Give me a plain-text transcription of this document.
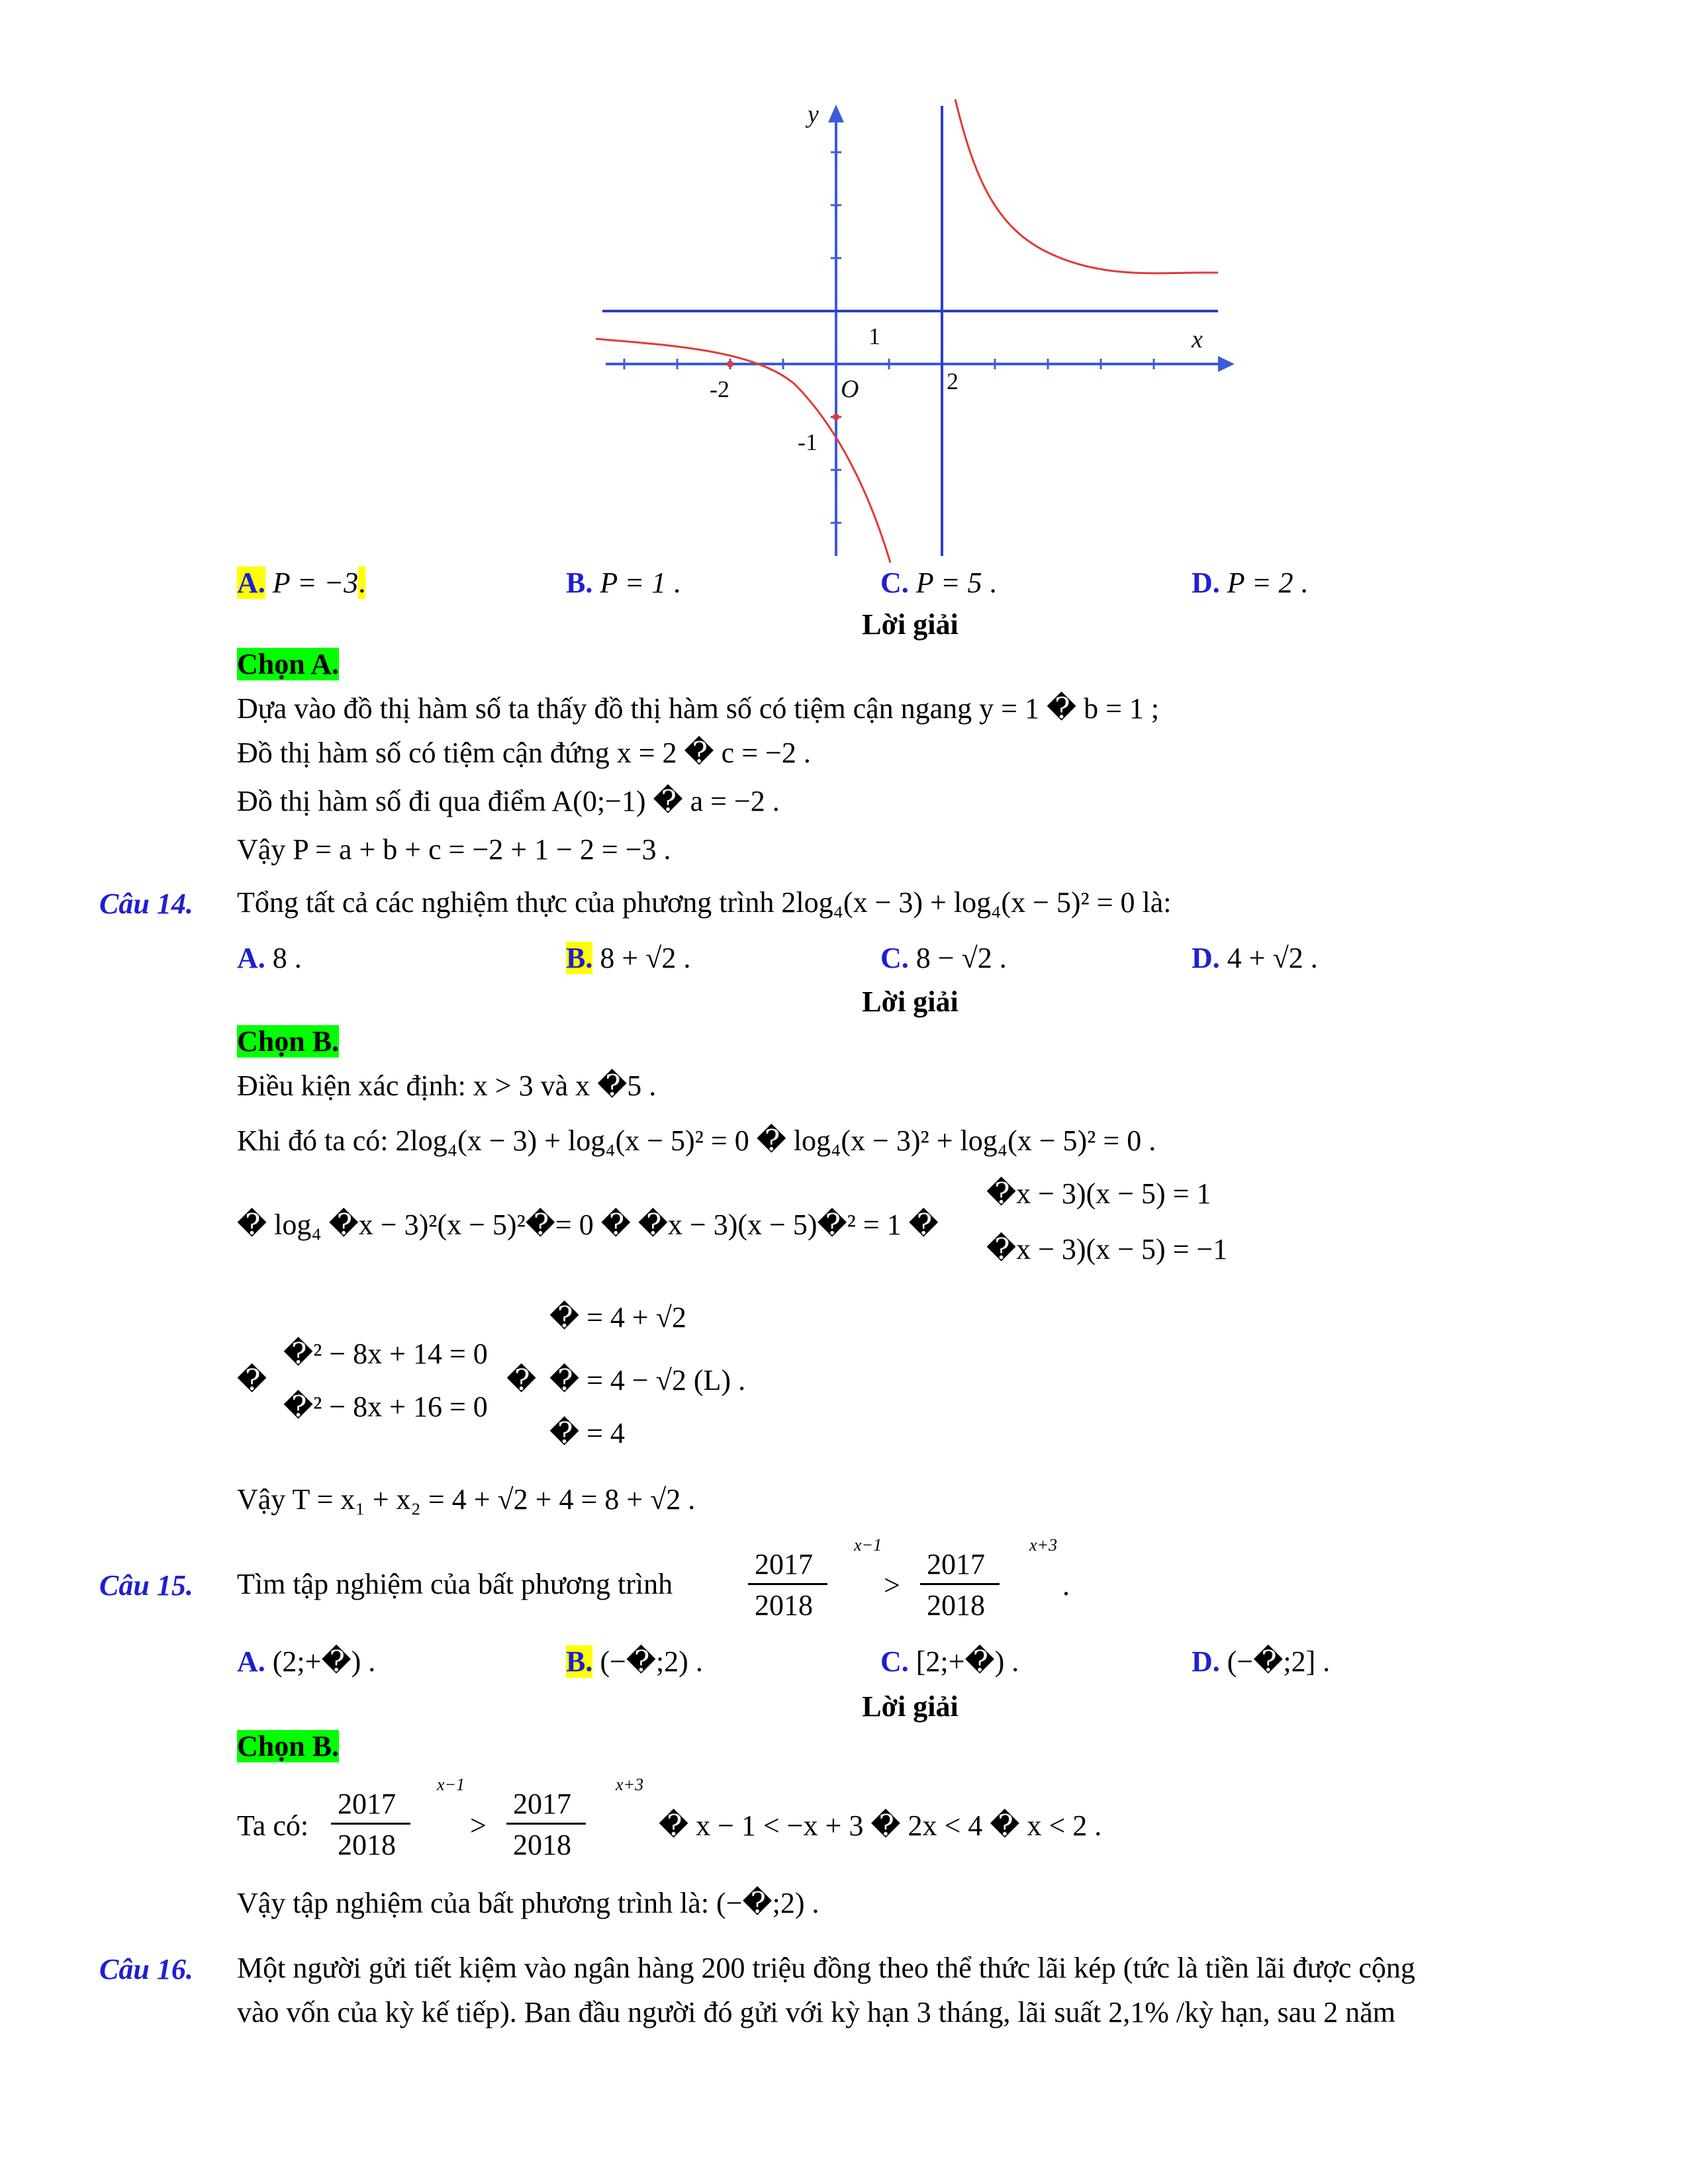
y
x
O
1
2
-2
-1
A. P = −3.	B. P = 1 .	C. P = 5 .	D. P = 2 .
Lời giải
Chọn A.
Dựa vào đồ thị hàm số ta thấy đồ thị hàm số có tiệm cận ngang y = 1 � b = 1 ;
Đồ thị hàm số có tiệm cận đứng x = 2 � c = −2 .
Đồ thị hàm số đi qua điểm A(0;−1) � a = −2 .
Vậy P = a + b + c = −2 + 1 − 2 = −3 .
Câu 14. Tổng tất cả các nghiệm thực của phương trình 2log₄(x − 3) + log₄(x − 5)² = 0 là:
A. 8 .	B. 8 + √2 .	C. 8 − √2 .	D. 4 + √2 .
Lời giải
Chọn B.
Điều kiện xác định: x > 3 và x �5 .
Khi đó ta có: 2log₄(x − 3) + log₄(x − 5)² = 0 � log₄(x − 3)² + log₄(x − 5)² = 0 .
� log₄ �x − 3)²(x − 5)²�= 0 � �x − 3)(x − 5)�² = 1 �
�x − 3)(x − 5) = 1
�x − 3)(x − 5) = −1
�
�² − 8x + 14 = 0
�² − 8x + 16 = 0
�
� = 4 + √2
� = 4 − √2 (L) .
� = 4
Vậy T = x₁ + x₂ = 4 + √2 + 4 = 8 + √2 .
Câu 15. Tìm tập nghiệm của bất phương trình
2017
2018
x−1
>
2017
2018
x+3
.
A. (2;+�) .	B. (−�;2) .	C. [2;+�) .	D. (−�;2] .
Lời giải
Chọn B.
Ta có:
2017
2018
x−1
>
2017
2018
x+3
� x − 1 < −x + 3 � 2x < 4 � x < 2 .
Vậy tập nghiệm của bất phương trình là: (−�;2) .
Câu 16. Một người gửi tiết kiệm vào ngân hàng 200 triệu đồng theo thể thức lãi kép (tức là tiền lãi được cộng
vào vốn của kỳ kế tiếp). Ban đầu người đó gửi với kỳ hạn 3 tháng, lãi suất 2,1% /kỳ hạn, sau 2 năm
